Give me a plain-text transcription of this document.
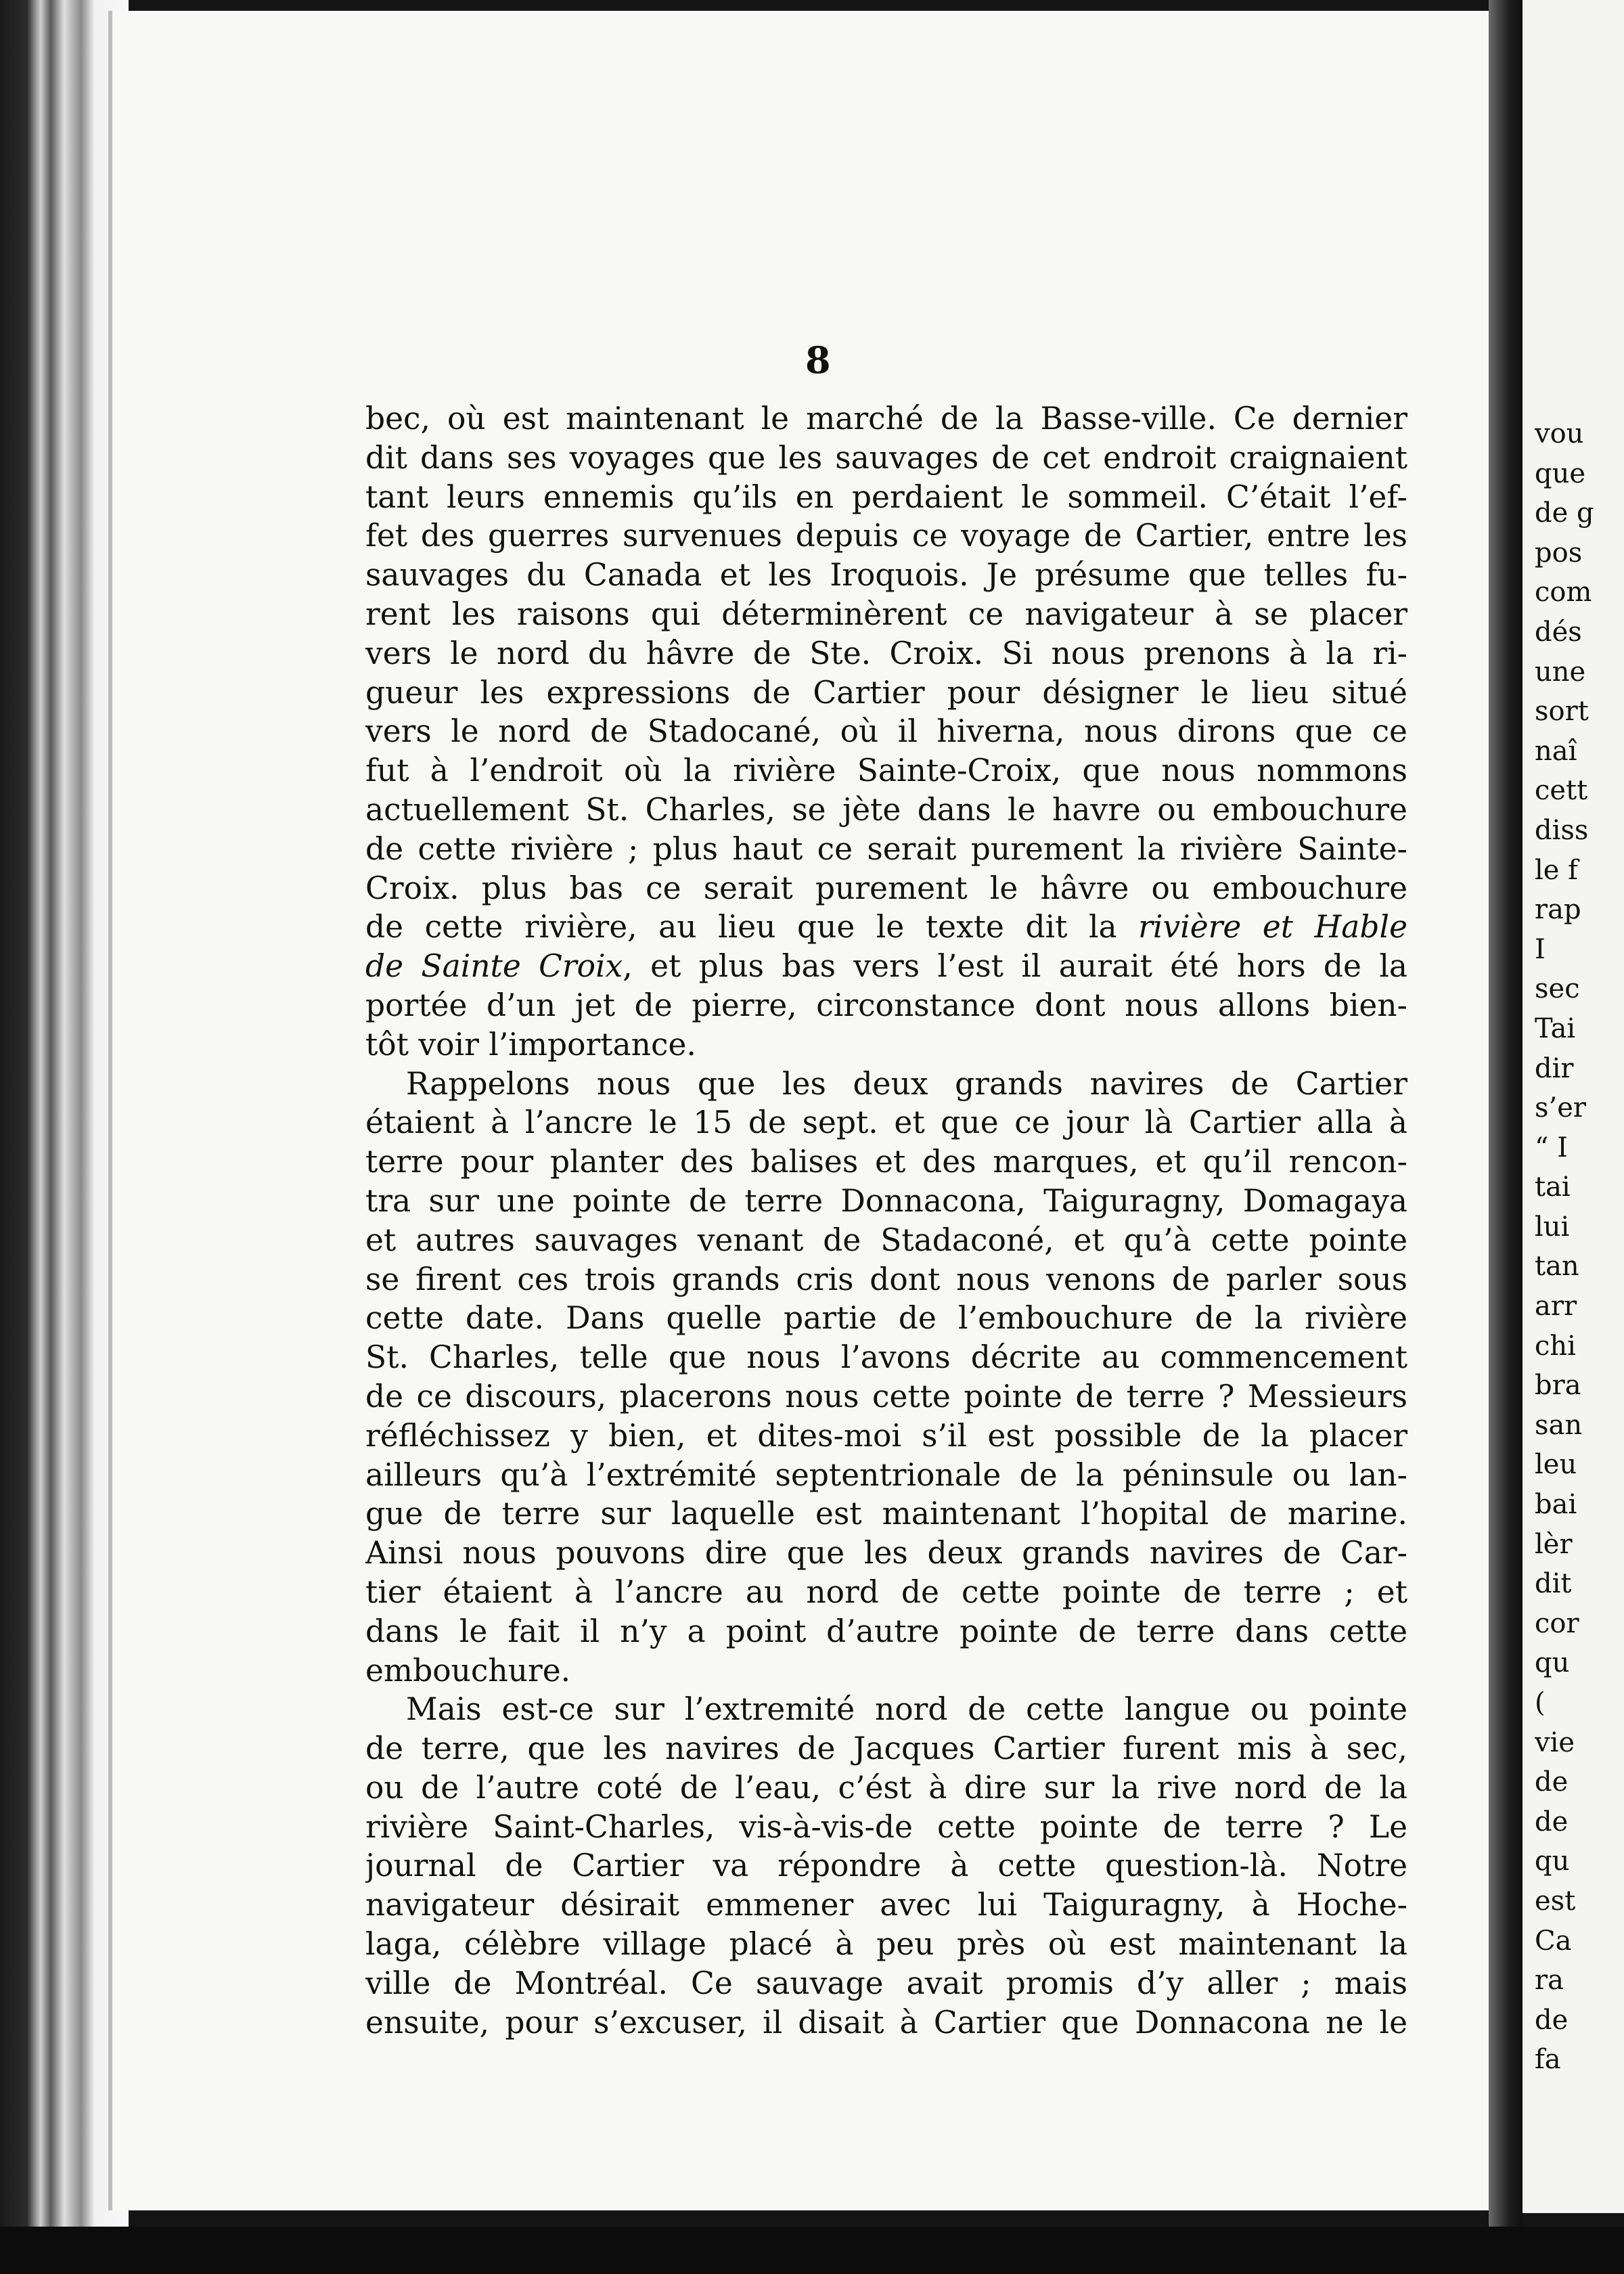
(
8
bec, où est maintenant le marché de la Basse-ville. Ce dernier
dit dans ses voyages que les sauvages de cet endroit craignaient
tant leurs ennemis qu’ils en perdaient le sommeil. C’était l’ef-
fet des guerres survenues depuis ce voyage de Cartier, entre les
sauvages du Canada et les Iroquois. Je présume que telles fu-
rent les raisons qui déterminèrent ce navigateur à se placer
vers le nord du hâvre de Ste. Croix. Si nous prenons à la ri-
gueur les expressions de Cartier pour désigner le lieu situé
vers le nord de Stadocané, où il hiverna, nous dirons que ce
fut à l’endroit où la rivière Sainte-Croix, que nous nommons
actuellement St. Charles, se jète dans le havre ou embouchure
de cette rivière ; plus haut ce serait purement la rivière Sainte-
Croix. plus bas ce serait purement le hâvre ou embouchure
de cette rivière, au lieu que le texte dit la rivière et Hable
de Sainte Croix, et plus bas vers l’est il aurait été hors de la
portée d’un jet de pierre, circonstance dont nous allons bien-
tôt voir l’importance.
Rappelons nous que les deux grands navires de Cartier
étaient à l’ancre le 15 de sept. et que ce jour là Cartier alla à
terre pour planter des balises et des marques, et qu’il rencon-
tra sur une pointe de terre Donnacona, Taiguragny, Domagaya
et autres sauvages venant de Stadaconé, et qu’à cette pointe
se firent ces trois grands cris dont nous venons de parler sous
cette date. Dans quelle partie de l’embouchure de la rivière
St. Charles, telle que nous l’avons décrite au commencement
de ce discours, placerons nous cette pointe de terre ? Messieurs
réfléchissez y bien, et dites-moi s’il est possible de la placer
ailleurs qu’à l’extrémité septentrionale de la péninsule ou lan-
gue de terre sur laquelle est maintenant l’hopital de marine.
Ainsi nous pouvons dire que les deux grands navires de Car-
tier étaient à l’ancre au nord de cette pointe de terre ; et
dans le fait il n’y a point d’autre pointe de terre dans cette
embouchure.
Mais est-ce sur l’extremité nord de cette langue ou pointe
de terre, que les navires de Jacques Cartier furent mis à sec,
ou de l’autre coté de l’eau, c’ést à dire sur la rive nord de la
rivière Saint-Charles, vis-à-vis-de cette pointe de terre ? Le
journal de Cartier va répondre à cette question-là. Notre
navigateur désirait emmener avec lui Taiguragny, à Hoche-
laga, célèbre village placé à peu près où est maintenant la
ville de Montréal. Ce sauvage avait promis d’y aller ; mais
ensuite, pour s’excuser, il disait à Cartier que Donnacona ne le
vou
que
de g
pos
com
dés
une
sort
naî
cett
diss
le f
rap
I
sec
Tai
dir
s’er
“ I
tai
lui
tan
arr
chi
bra
san
leu
bai
lèr
dit
cor
qu
(
vie
de
de
qu
est
Ca
ra
de
fa
